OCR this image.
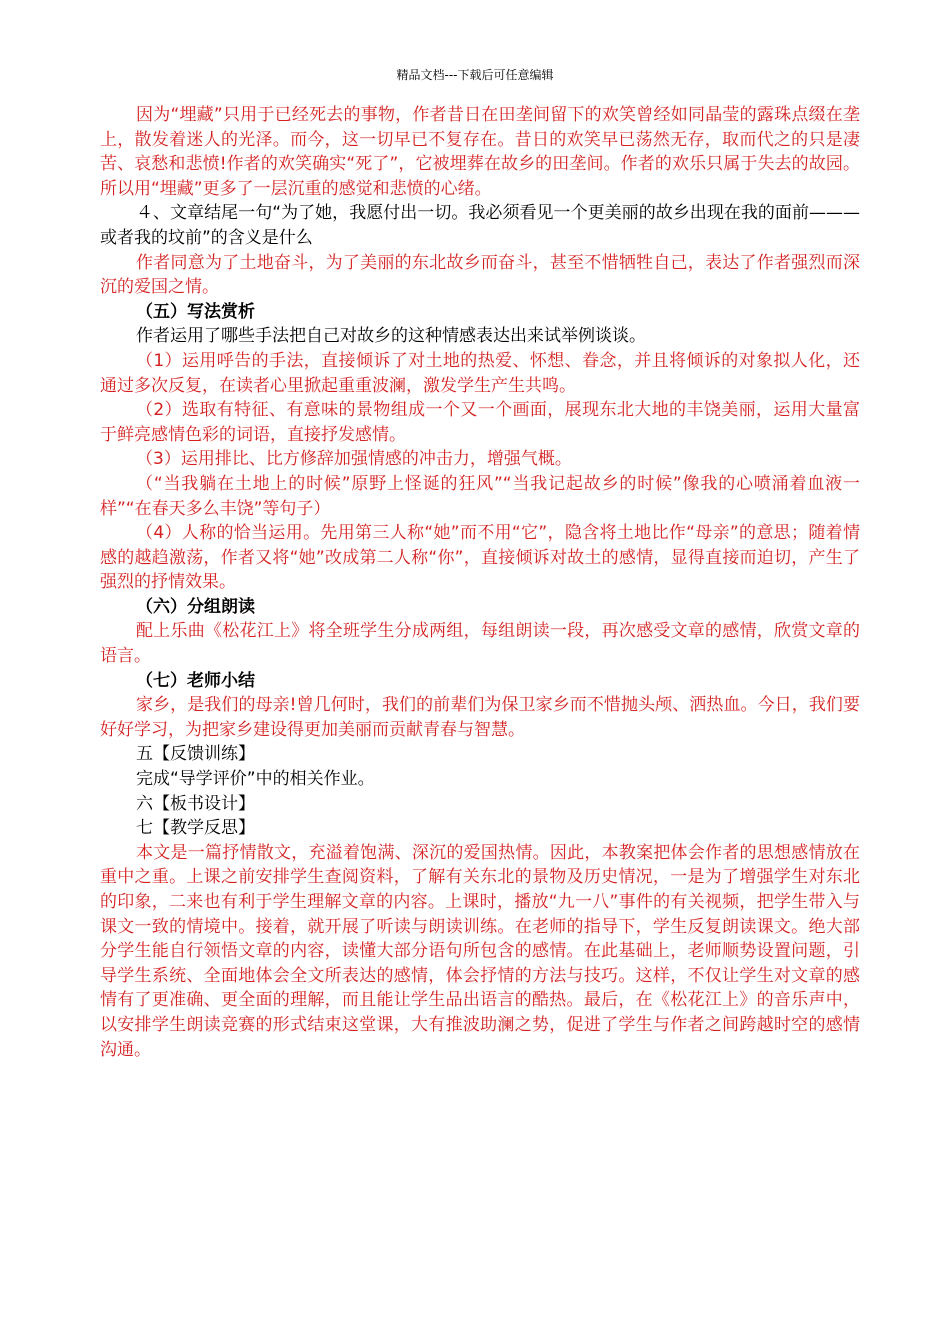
精品文档---下载后可任意编辑

因为“埋藏”只用于已经死去的事物，作者昔日在田垄间留下的欢笑曾经如同晶莹的露珠点缀在垄上，散发着迷人的光泽。而今，这一切早已不复存在。昔日的欢笑早已荡然无存，取而代之的只是凄苦、哀愁和悲愤!作者的欢笑确实“死了”，它被埋葬在故乡的田垄间。作者的欢乐只属于失去的故园。所以用“埋藏”更多了一层沉重的感觉和悲愤的心绪。

４、文章结尾一句“为了她，我愿付出一切。我必须看见一个更美丽的故乡出现在我的面前———或者我的坟前”的含义是什么

作者同意为了土地奋斗，为了美丽的东北故乡而奋斗，甚至不惜牺牲自己，表达了作者强烈而深沉的爱国之情。

（五）写法赏析

作者运用了哪些手法把自己对故乡的这种情感表达出来试举例谈谈。

（1）运用呼告的手法，直接倾诉了对土地的热爱、怀想、眷念，并且将倾诉的对象拟人化，还通过多次反复，在读者心里掀起重重波澜，激发学生产生共鸣。

（2）选取有特征、有意味的景物组成一个又一个画面，展现东北大地的丰饶美丽，运用大量富于鲜亮感情色彩的词语，直接抒发感情。

（3）运用排比、比方修辞加强情感的冲击力，增强气概。

（“当我躺在土地上的时候”原野上怪诞的狂风”“当我记起故乡的时候”像我的心喷涌着血液一样”“在春天多么丰饶”等句子）

（4）人称的恰当运用。先用第三人称“她”而不用“它”，隐含将土地比作“母亲”的意思；随着情感的越趋激荡，作者又将“她”改成第二人称“你”，直接倾诉对故土的感情，显得直接而迫切，产生了强烈的抒情效果。

（六）分组朗读

配上乐曲《松花江上》将全班学生分成两组，每组朗读一段，再次感受文章的感情，欣赏文章的语言。

（七）老师小结

家乡，是我们的母亲!曾几何时，我们的前辈们为保卫家乡而不惜抛头颅、洒热血。今日，我们要好好学习，为把家乡建设得更加美丽而贡献青春与智慧。

五【反馈训练】

完成“导学评价”中的相关作业。

六【板书设计】

七【教学反思】

本文是一篇抒情散文，充溢着饱满、深沉的爱国热情。因此，本教案把体会作者的思想感情放在重中之重。上课之前安排学生查阅资料，了解有关东北的景物及历史情况，一是为了增强学生对东北的印象，二来也有利于学生理解文章的内容。上课时，播放“九一八”事件的有关视频，把学生带入与课文一致的情境中。接着，就开展了听读与朗读训练。在老师的指导下，学生反复朗读课文。绝大部分学生能自行领悟文章的内容，读懂大部分语句所包含的感情。在此基础上，老师顺势设置问题，引导学生系统、全面地体会全文所表达的感情，体会抒情的方法与技巧。这样，不仅让学生对文章的感情有了更准确、更全面的理解，而且能让学生品出语言的酷热。最后，在《松花江上》的音乐声中，以安排学生朗读竞赛的形式结束这堂课，大有推波助澜之势，促进了学生与作者之间跨越时空的感情沟通。
